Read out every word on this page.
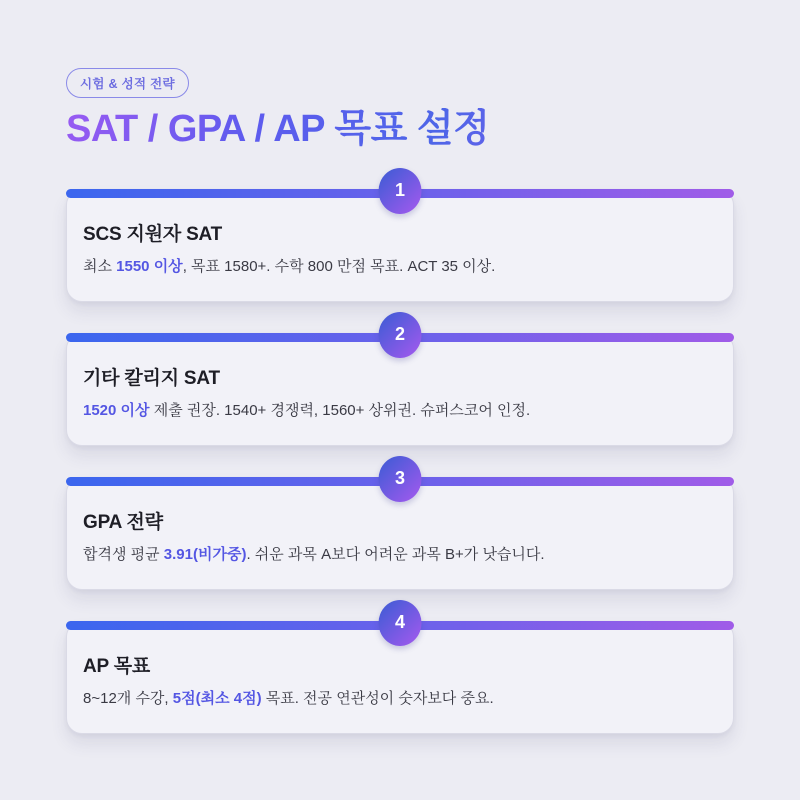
시험 & 성적 전략
SAT / GPA / AP 목표 설정
1

SCS 지원자 SAT

최소 1550 이상, 목표 1580+. 수학 800 만점 목표. ACT 35 이상.

2

기타 칼리지 SAT

1520 이상 제출 권장. 1540+ 경쟁력, 1560+ 상위권. 슈퍼스코어 인정.

3

GPA 전략

합격생 평균 3.91(비가중). 쉬운 과목 A보다 어려운 과목 B+가 낫습니다.

4

AP 목표

8~12개 수강, 5점(최소 4점) 목표. 전공 연관성이 숫자보다 중요.
